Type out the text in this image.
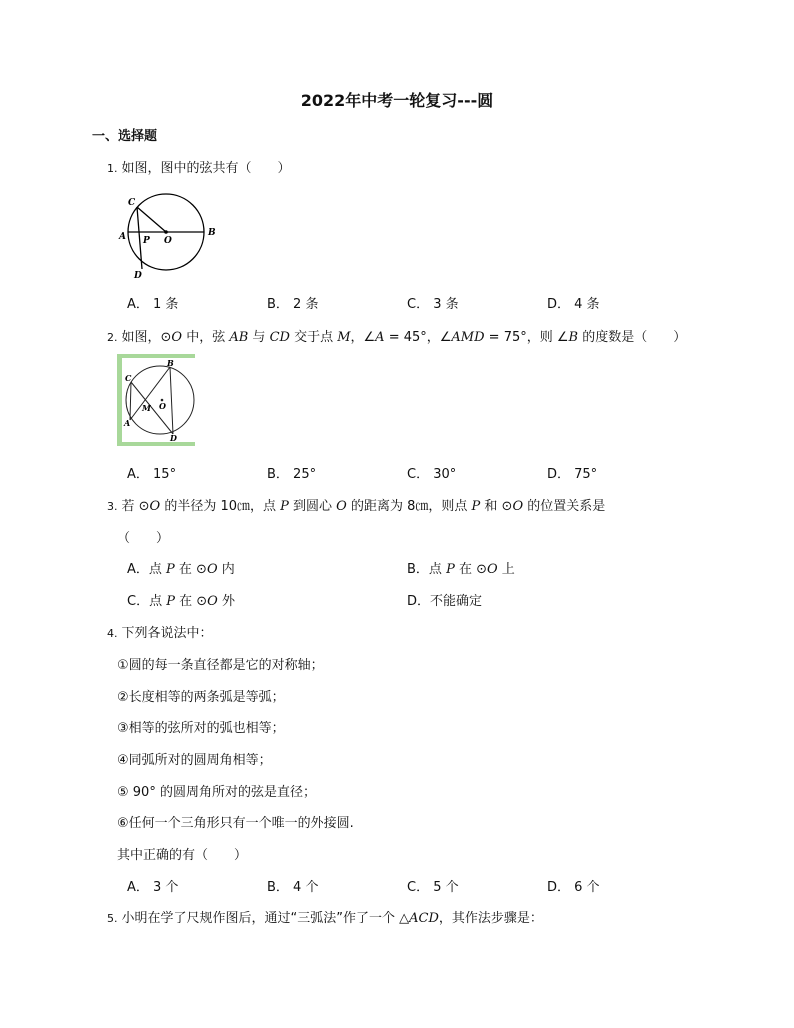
2022年中考一轮复习---圆
一、选择题
1. 如图，图中的弦共有（　　）
C
A P O
B
D
A． 1 条	B． 2 条	C． 3 条	D． 4 条
2. 如图，⊙O 中，弦 AB 与 CD 交于点 M，∠A = 45°，∠AMD = 75°，则 ∠B 的度数是（　　）
B
C
M O
A
D
A． 15°	B． 25°	C． 30°	D． 75°
3. 若 ⊙O 的半径为 10㎝，点 P 到圆心 O 的距离为 8㎝，则点 P 和 ⊙O 的位置关系是
（　　）
A．点 P 在 ⊙O 内	B．点 P 在 ⊙O 上
C．点 P 在 ⊙O 外	D．不能确定
4. 下列各说法中：
①圆的每一条直径都是它的对称轴；
②长度相等的两条弧是等弧；
③相等的弦所对的弧也相等；
④同弧所对的圆周角相等；
⑤ 90° 的圆周角所对的弦是直径；
⑥任何一个三角形只有一个唯一的外接圆.
其中正确的有（　　）
A． 3 个	B． 4 个	C． 5 个	D． 6 个
5. 小明在学了尺规作图后，通过“三弧法”作了一个 △ACD，其作法步骤是：
